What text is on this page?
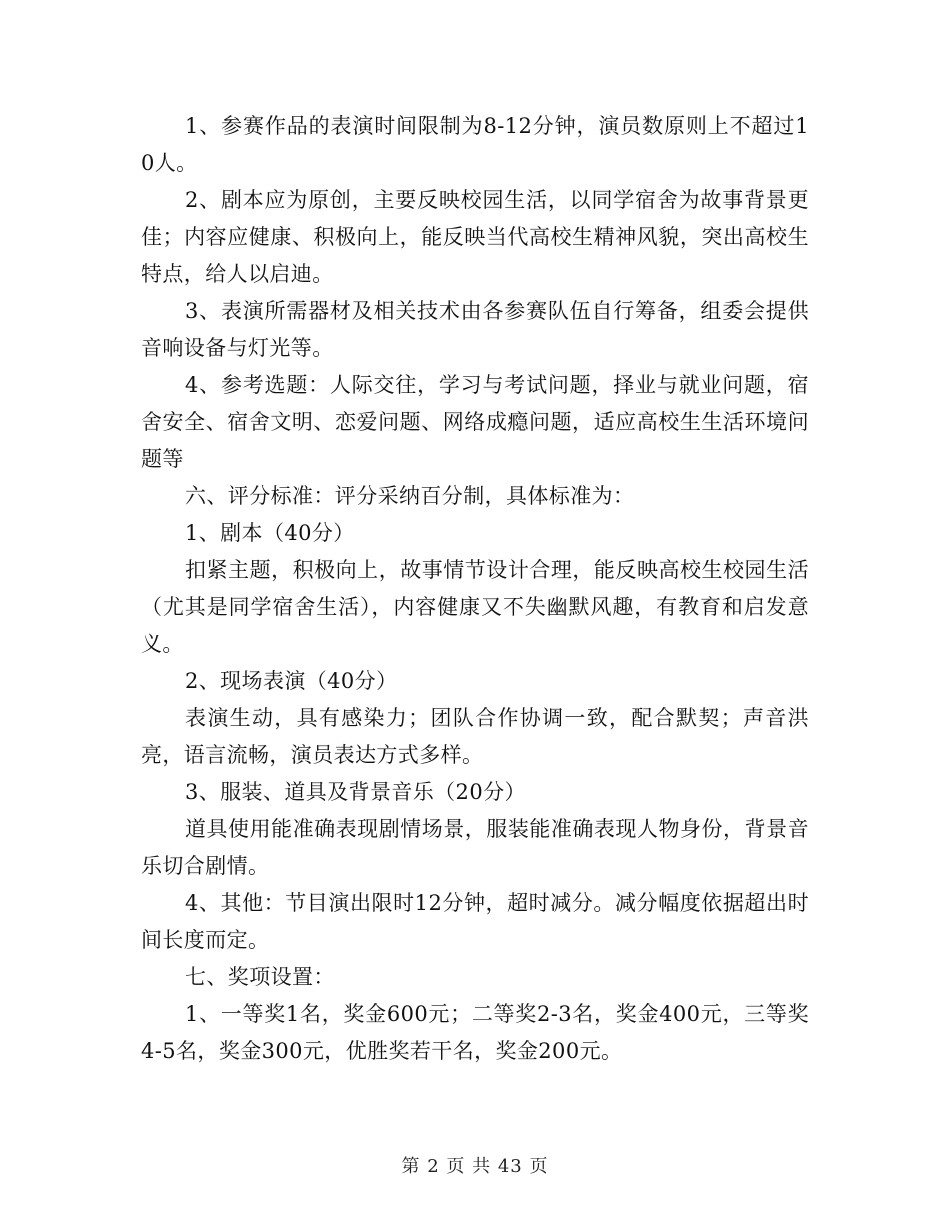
1、参赛作品的表演时间限制为8-12分钟，演员数原则上不超过10人。

2、剧本应为原创，主要反映校园生活，以同学宿舍为故事背景更佳；内容应健康、积极向上，能反映当代高校生精神风貌，突出高校生特点，给人以启迪。

3、表演所需器材及相关技术由各参赛队伍自行筹备，组委会提供音响设备与灯光等。

4、参考选题：人际交往，学习与考试问题，择业与就业问题，宿舍安全、宿舍文明、恋爱问题、网络成瘾问题，适应高校生生活环境问题等

六、评分标准：评分采纳百分制，具体标准为：

1、剧本（40分）

扣紧主题，积极向上，故事情节设计合理，能反映高校生校园生活（尤其是同学宿舍生活），内容健康又不失幽默风趣，有教育和启发意义。

2、现场表演（40分）

表演生动，具有感染力；团队合作协调一致，配合默契；声音洪亮，语言流畅，演员表达方式多样。

3、服装、道具及背景音乐（20分）

道具使用能准确表现剧情场景，服装能准确表现人物身份，背景音乐切合剧情。

4、其他：节目演出限时12分钟，超时减分。减分幅度依据超出时间长度而定。

七、奖项设置：

1、一等奖1名，奖金600元；二等奖2-3名，奖金400元，三等奖4-5名，奖金300元，优胜奖若干名，奖金200元。

第 2 页 共 43 页
